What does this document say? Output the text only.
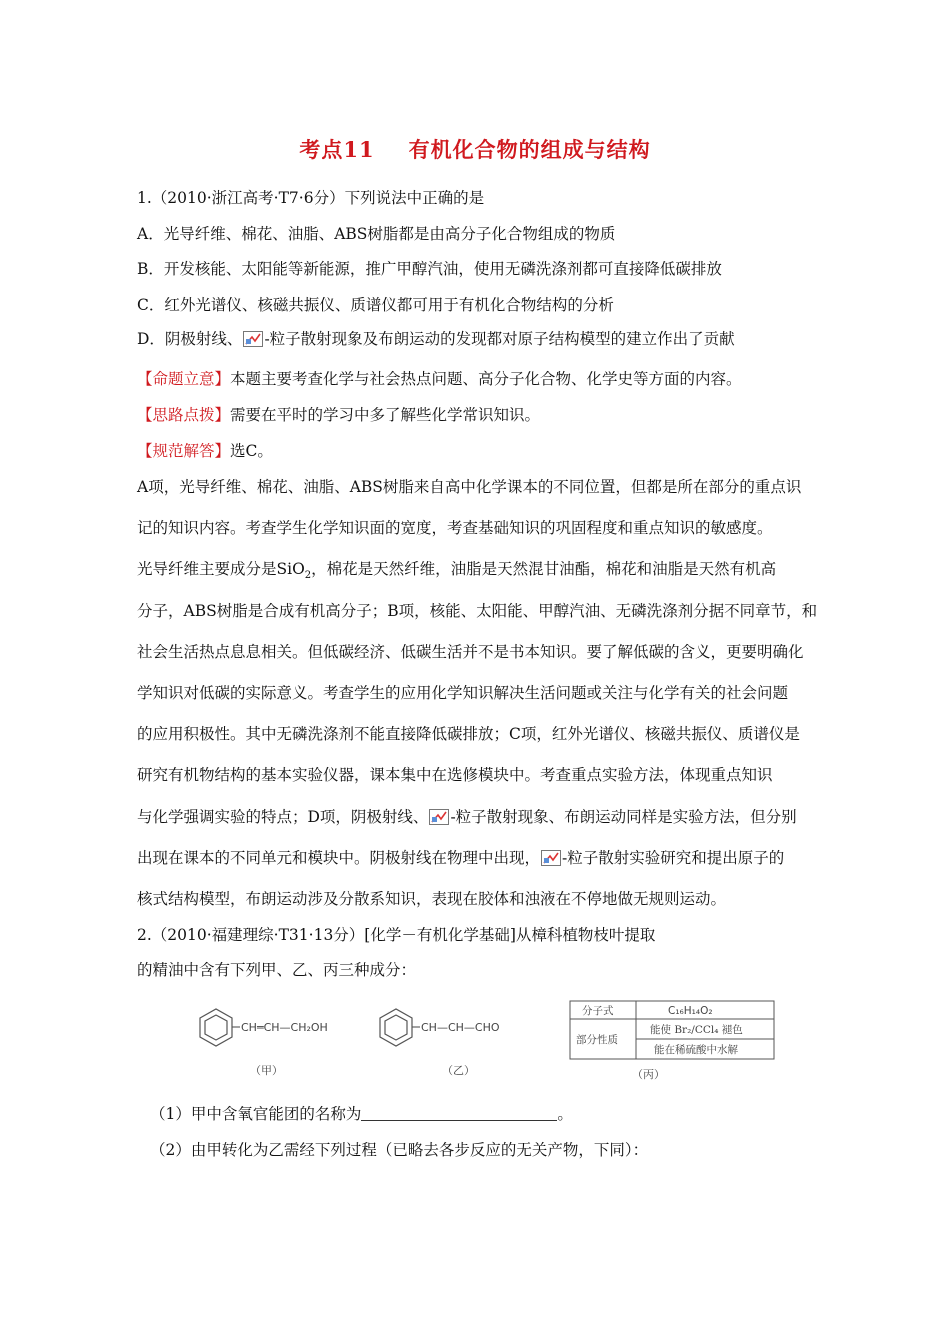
考点11 有机化合物的组成与结构
1.（2010·浙江高考·T7·6分）下列说法中正确的是
A．光导纤维、棉花、油脂、ABS树脂都是由高分子化合物组成的物质
B．开发核能、太阳能等新能源，推广甲醇汽油，使用无磷洗涤剂都可直接降低碳排放
C．红外光谱仪、核磁共振仪、质谱仪都可用于有机化合物结构的分析
D．阴极射线、 -粒子散射现象及布朗运动的发现都对原子结构模型的建立作出了贡献
【命题立意】本题主要考查化学与社会热点问题、高分子化合物、化学史等方面的内容。
【思路点拨】需要在平时的学习中多了解些化学常识知识。
【规范解答】选C。
A项，光导纤维、棉花、油脂、ABS树脂来自高中化学课本的不同位置，但都是所在部分的重点识
记的知识内容。考查学生化学知识面的宽度，考查基础知识的巩固程度和重点知识的敏感度。
光导纤维主要成分是SiO$_2$，棉花是天然纤维，油脂是天然混甘油酯，棉花和油脂是天然有机高
分子，ABS树脂是合成有机高分子；B项，核能、太阳能、甲醇汽油、无磷洗涤剂分据不同章节，和
社会生活热点息息相关。但低碳经济、低碳生活并不是书本知识。要了解低碳的含义，更要明确化
学知识对低碳的实际意义。考查学生的应用化学知识解决生活问题或关注与化学有关的社会问题
的应用积极性。其中无磷洗涤剂不能直接降低碳排放；C项，红外光谱仪、核磁共振仪、质谱仪是
研究有机物结构的基本实验仪器，课本集中在选修模块中。考查重点实验方法，体现重点知识
与化学强调实验的特点；D项，阴极射线、 -粒子散射现象、布朗运动同样是实验方法，但分别
出现在课本的不同单元和模块中。阴极射线在物理中出现， -粒子散射实验研究和提出原子的
核式结构模型，布朗运动涉及分散系知识，表现在胶体和浊液在不停地做无规则运动。
2.（2010·福建理综·T31·13分）[化学－有机化学基础]从樟科植物枝叶提取
的精油中含有下列甲、乙、丙三种成分：
CH═CH—CH₂OH
（甲）
CH—CH—CHO
（乙）
分子式	C₁₆H₁₄O₂
部分性质
能使 Br₂/CCl₄ 褪色
能在稀硫酸中水解
（丙）
（1）甲中含氧官能团的名称为	。
（2）由甲转化为乙需经下列过程（已略去各步反应的无关产物，下同）：
